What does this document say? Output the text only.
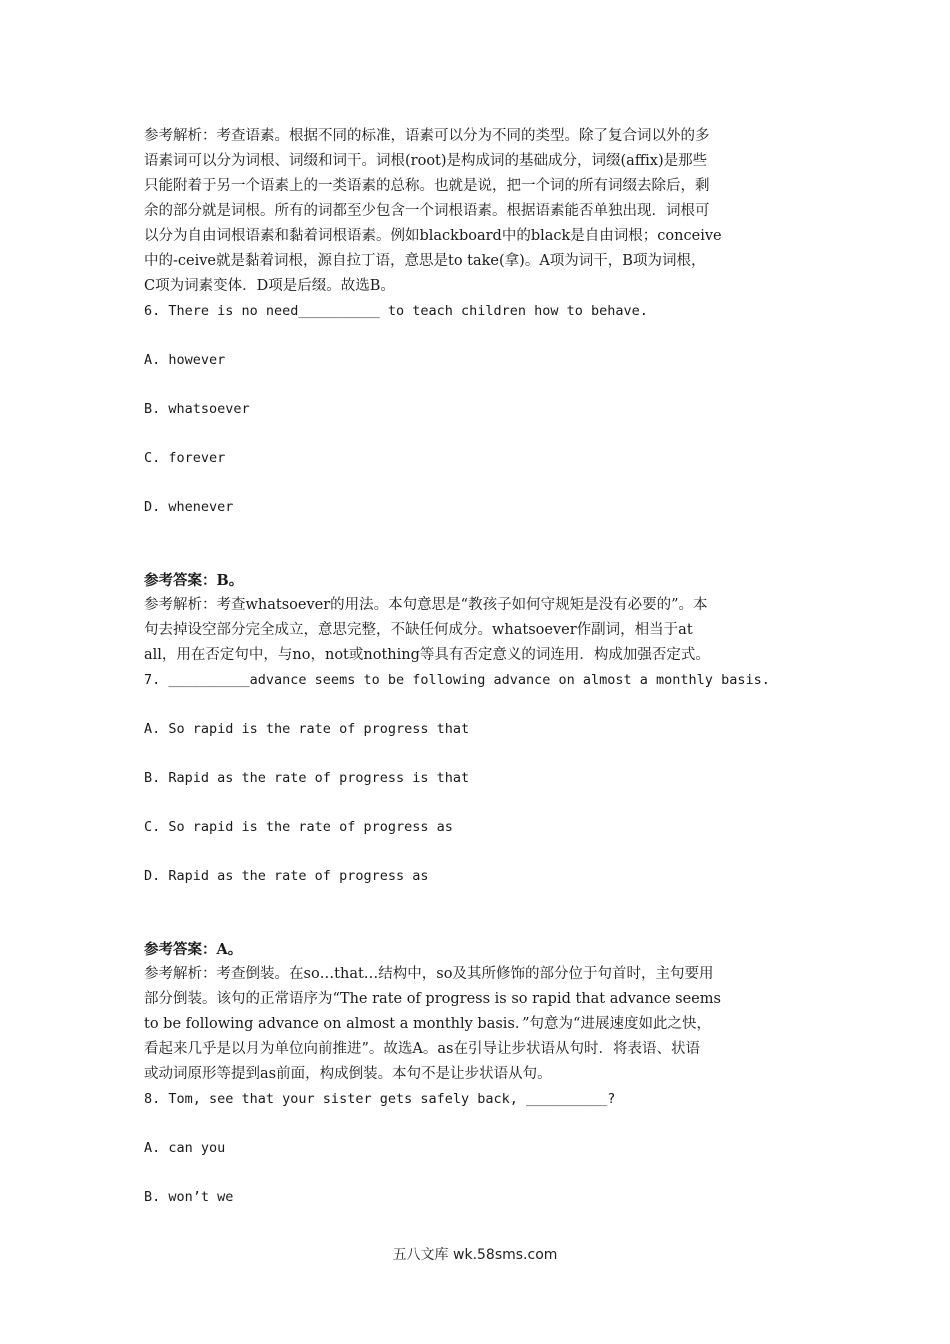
参考解析：考查语素。根据不同的标准，语素可以分为不同的类型。除了复合词以外的多
语素词可以分为词根、词缀和词干。词根(root)是构成词的基础成分，词缀(affix)是那些
只能附着于另一个语素上的一类语素的总称。也就是说，把一个词的所有词缀去除后，剩
余的部分就是词根。所有的词都至少包含一个词根语素。根据语素能否单独出现．词根可
以分为自由词根语素和黏着词根语素。例如blackboard中的black是自由词根；conceive
中的-ceive就是黏着词根，源自拉丁语，意思是to take(拿)。A项为词干，B项为词根，
C项为词素变体．D项是后缀。故选B。
6. There is no need__________ to teach children how to behave.
A. however
B. whatsoever
C. forever
D. whenever
参考答案：B。
参考解析：考查whatsoever的用法。本句意思是“教孩子如何守规矩是没有必要的”。本
句去掉设空部分完全成立，意思完整，不缺任何成分。whatsoever作副词，相当于at
all，用在否定句中，与no，not或nothing等具有否定意义的词连用．构成加强否定式。
7. __________advance seems to be following advance on almost a monthly basis.
A. So rapid is the rate of progress that
B. Rapid as the rate of progress is that
C. So rapid is the rate of progress as
D. Rapid as the rate of progress as
参考答案：A。
参考解析：考查倒装。在so…that…结构中，so及其所修饰的部分位于句首时，主句要用
部分倒装。该句的正常语序为“The rate of progress is so rapid that advance seems
to be following advance on almost a monthly basis．”句意为“进展速度如此之快，
看起来几乎是以月为单位向前推进”。故选A。as在引导让步状语从句时．将表语、状语
或动词原形等提到as前面，构成倒装。本句不是让步状语从句。
8. Tom, see that your sister gets safely back, __________?
A. can you
B. won’t we
五八文库 wk.58sms.com
